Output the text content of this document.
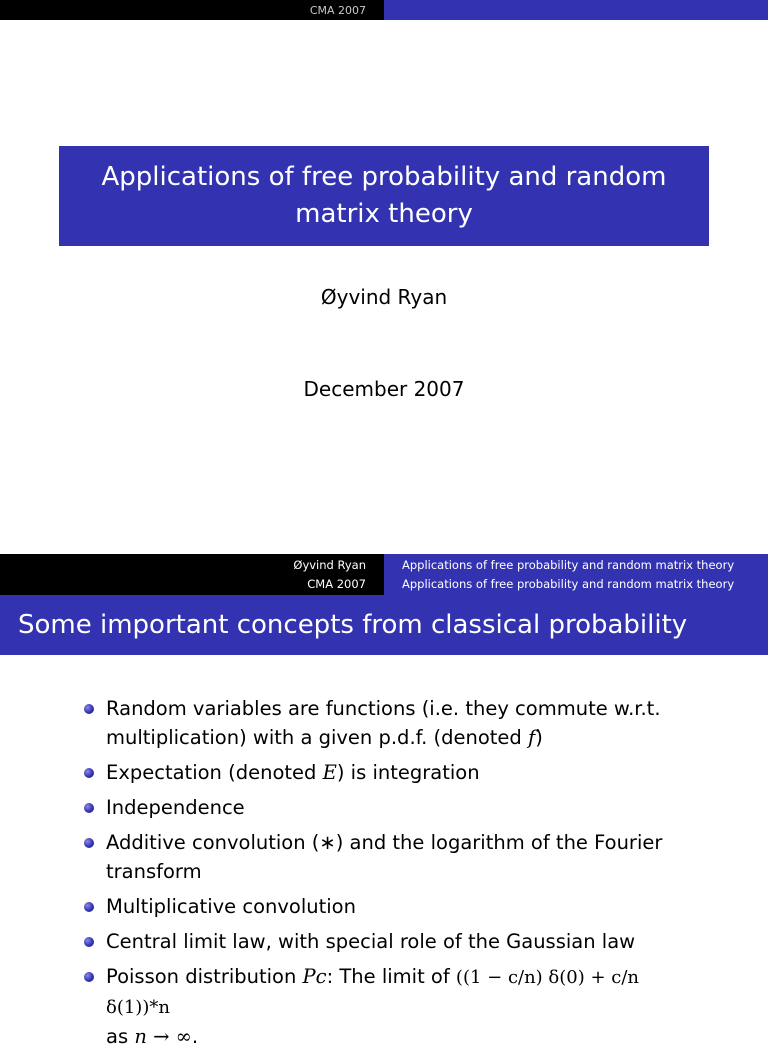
CMA 2007
Applications of free probability and random matrix theory
Øyvind Ryan
December 2007
Øyvind Ryan
CMA 2007
Applications of free probability and random matrix theory
Applications of free probability and random matrix theory
Some important concepts from classical probability
Random variables are functions (i.e. they commute w.r.t. multiplication) with a given p.d.f. (denoted f)
Expectation (denoted E) is integration
Independence
Additive convolution (∗) and the logarithm of the Fourier transform
Multiplicative convolution
Central limit law, with special role of the Gaussian law
Poisson distribution Pc: The limit of ((1 − c/n) δ(0) + c/n δ(1))*n
as n → ∞.
